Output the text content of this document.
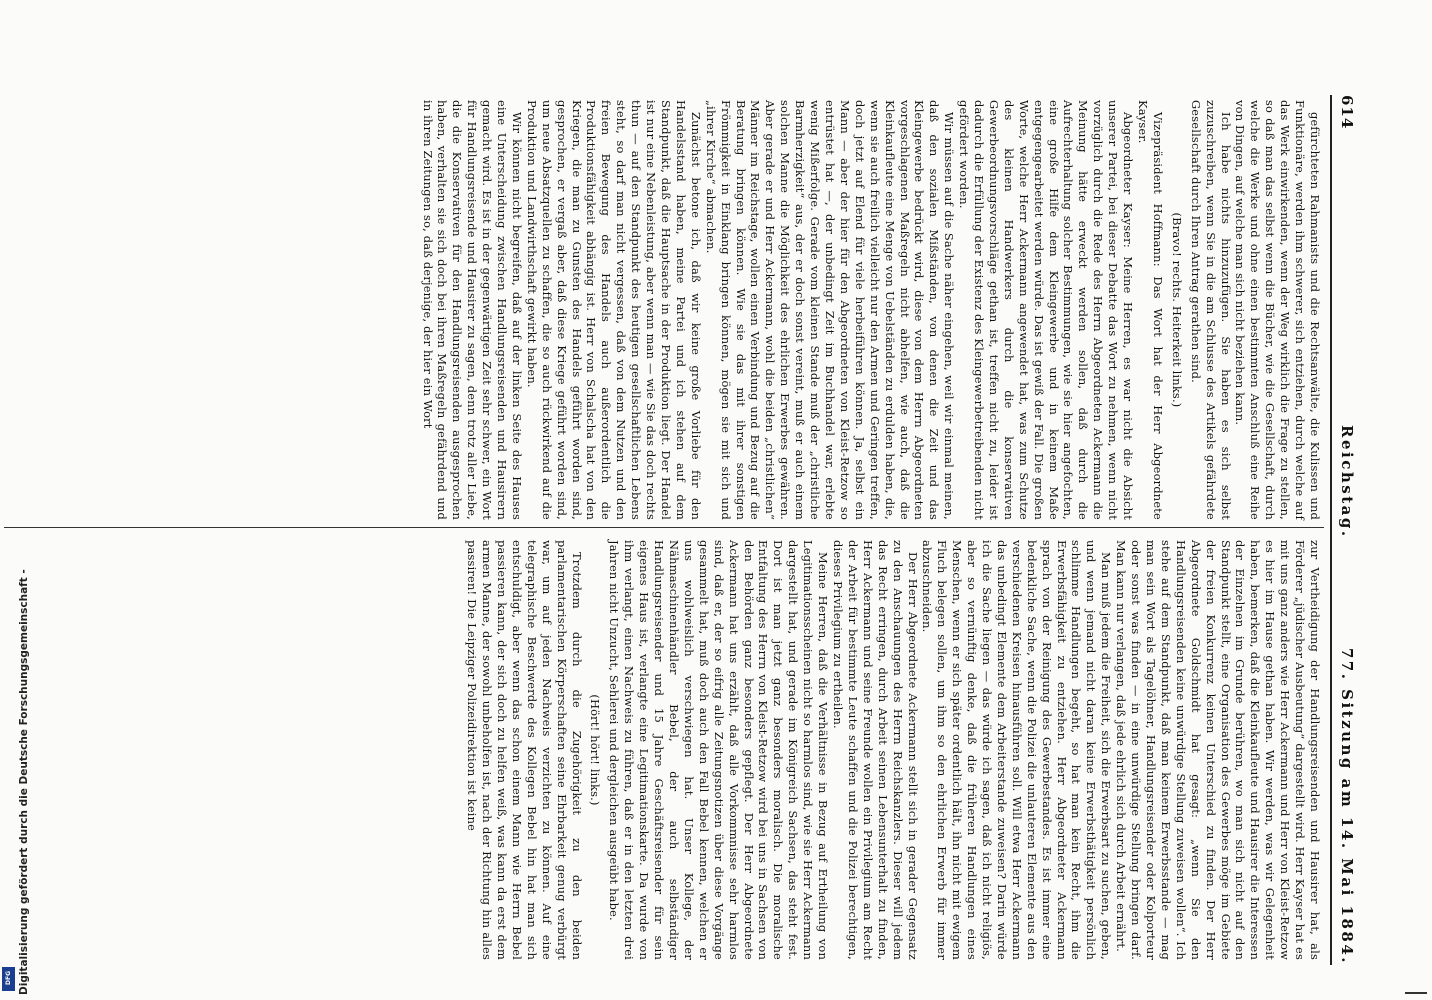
614
Reichstag.
77. Sitzung am 14. Mai 1884.

gefürchteten Rahmanists und die Rechtsanwälte, die Kulissen und Funktionäre, werden ihm schwerer, sich entziehen, durch welche auf das Werk einwirkenden, wenn der Weg wirklich die Frage zu stellen, so daß man das selbst wenn die Bücher, wie die Gesellschaft, durch welche die Werke und ohne einen bestimmten Anschluß eine Reihe von Dingen, auf welche man sich nicht beziehen kann.

Ich habe nichts hinzuzufügen. Sie haben es sich selbst zuzuschreiben, wenn Sie in die am Schlusse des Artikels gefährdete Gesellschaft durch Ihren Antrag gerathen sind.

(Bravo! rechts. Heiterkeit links.)

Vizepräsident Hoffmann: Das Wort hat der Herr Abgeordnete Kayser.

Abgeordneter Kayser: Meine Herren, es war nicht die Absicht unserer Partei, bei dieser Debatte das Wort zu nehmen, wenn nicht vorzüglich durch die Rede des Herrn Abgeordneten Ackermann die Meinung hätte erweckt werden sollen, daß durch die Aufrechterhaltung solcher Bestimmungen, wie sie hier angefochten, eine große Hilfe dem Kleingewerbe und in keinem Maße entgegengearbeitet werden würde. Das ist gewiß der Fall. Die großen Worte, welche Herr Ackermann angewendet hat, was zum Schutze des kleinen Handwerkers durch die konservativen Gewerbeordnungsvorschläge gethan ist, treffen nicht zu, leider ist dadurch die Erfüllung der Existenz des Kleingewerbetreibenden nicht gefördert worden.

Wir müssen auf die Sache näher eingehen, weil wir einmal meinen, daß den sozialen Mißständen, von denen die Zeit und das Kleingewerbe bedrückt wird, diese von dem Herrn Abgeordneten vorgeschlagenen Maßregeln nicht abhelfen, wie auch, daß die Kleinkaufleute eine Menge von Uebelständen zu erdulden haben, die, wenn sie auch freilich vielleicht nur den Armen und Geringen treffen, doch jetzt auf Elend für viele herbeiführen können. Ja, selbst ein Mann — aber der hier für den Abgeordneten von Kleist-Retzow so entrüstet hat —, der unbedingt Zeit im Buchhandel war, erlebte wenig Mißerfolge. Gerade vom kleinen Stande muß der „christliche Barmherzigkeit“ aus, der er doch sonst vereint, muß er auch einem solchen Manne die Möglichkeit des ehrlichen Erwerbes gewähren. Aber gerade er und Herr Ackermann, wohl die beiden „christlichen“ Männer im Reichstage, wollen einen Verbindung und Bezug auf die Beratung bringen können. Wie sie das mit ihrer sonstigen Frömmigkeit in Einklang bringen können, mögen sie mit sich und „ihrer Kirche“ abmachen.

Zunächst betone ich, daß wir keine große Vorliebe für den Handelsstand haben, meine Partei und ich stehen auf dem Standpunkt, daß die Hauptsache in der Produktion liegt. Der Handel ist nur eine Nebenleistung, aber wenn man — wie Sie das doch rechts thun — auf den Standpunkt des heutigen gesellschaftlichen Lebens steht, so darf man nicht vergessen, daß von dem Nutzen und den freien Bewegung des Handels auch außerordentlich die Produktionsfähigkeit abhängig ist. Herr von Schalscha hat von den Kriegen, die man zu Gunsten des Handels geführt worden sind, gesprochen, er vergaß aber, daß diese Kriege geführt worden sind, um neue Absatzquellen zu schaffen, die so auch rückwirkend auf die Produktion und Landwirthschaft gewirkt haben.

Wir können nicht begreifen, daß auf der linken Seite des Hauses eine Unterscheidung zwischen Handlungsreisenden und Hausirern gemacht wird. Es ist in der gegenwärtigen Zeit sehr schwer, ein Wort für Handlungsreisende und Hausirer zu sagen, denn trotz aller Liebe, die die Konservativen für den Handlungsreisenden ausgesprochen haben, verhalten sie sich doch bei ihren Maßregeln gefährdend und in ihren Zeitungen so, daß derjenige, der hier ein Wort

zur Vertheidigung der Handlungsreisenden und Hausirer hat, als Förderer „jüdischer Ausbeutung“ dargestellt wird. Herr Kayser hat es mit uns ganz anders wie Herr Ackermann und Herr von Kleist-Retzow es hier im Hause gethan haben. Wir werden, was wir Gelegenheit haben, bemerken, daß die Kleinkaufleute und Hausirer die Interessen der Einzelnen im Grunde berühren, wo man sich nicht auf den Standpunkt stellt, eine Organisation des Gewerbes möge im Gebiete der freien Konkurrenz keinen Unterschied zu finden. Der Herr Abgeordnete Goldschmidt hat gesagt: „wenn Sie den Handlungsreisenden keine unwürdige Stellung zuweisen wollen“. Ich stehe auf dem Standpunkt, daß man keinem Erwerbsstande — mag man sein Wort als Tagelöhner, Handlungsreisender oder Kolporteur oder sonst was finden — in eine unwürdige Stellung bringen darf. Man kann nur verlangen, daß jede ehrlich sich durch Arbeit ernährt.

Man muß jedem die Freiheit, sich die Erwerbsart zu suchen, geben, und wenn jemand nicht daran keine Erwerbsthätigkeit persönlich schlimme Handlungen begeht, so hat man kein Recht, ihm die Erwerbsfähigkeit zu entziehen. Herr Abgeordneter Ackermann sprach von der Reinigung des Gewerbestandes. Es ist immer eine bedenkliche Sache, wenn die Polizei die unlauteren Elemente aus den verschiedenen Kreisen hinausführen soll. Will etwa Herr Ackermann das unbedingt Elemente dem Arbeiterstande zuweisen? Darin würde ich die Sache liegen — das würde ich sagen, daß ich nicht religiös, aber so vernünftig denke, daß die früheren Handlungen eines Menschen, wenn er sich später ordentlich hält, ihn nicht mit ewigem Fluch belegen sollen, um ihm so den ehrlichen Erwerb für immer abzuschneiden.

Der Herr Abgeordnete Ackermann stellt sich in gerader Gegensatz zu den Anschauungen des Herrn Reichskanzlers. Dieser will jedem das Recht erringen, durch Arbeit seinen Lebensunterhalt zu finden, Herr Ackermann und seine Freunde wollen ein Privilegium am Recht der Arbeit für bestimmte Leute schaffen und die Polizei berechtigen, dieses Privilegium zu ertheilen.

Meine Herren, daß die Verhältnisse in Bezug auf Ertheilung von Legitimationsscheinen nicht so harmlos sind, wie sie Herr Ackermann dargestellt hat, und gerade im Königreich Sachsen, das steht fest. Dort ist man jetzt ganz besonders moralisch. Die moralische Entfaltung des Herrn von Kleist-Retzow wird bei uns in Sachsen von den Behörden ganz besonders gepflegt. Der Herr Abgeordnete Ackermann hat uns erzählt, daß alle Vorkommnisse sehr harmlos sind, daß er, der so eifrig alle Zeitungsnotizen über diese Vorgänge gesammelt hat, muß doch auch den Fall Bebel kennen, welchen er uns wohlweislich verschwiegen hat. Unser Kollege, der Nähmaschinenhändler Bebel, der auch selbständiger Handlungsreisender und 15 Jahre Geschäftsreisender für sein eigenes Haus ist, verlangte eine Legitimationskarte. Da wurde von ihm verlangt, einen Nachweis zu führen, daß er in den letzten drei Jahren nicht Unzucht, Sehlerei und dergleichen ausgeübt habe.

(Hört! hört! links.)

Trotzdem durch die Zugehörigkeit zu den beiden parlamentarischen Körperschaften seine Ehrbarkeit genug verbürgt war, um auf jeden Nachweis verzichten zu können. Auf eine telegraphische Beschwerde des Kollegen Bebel hin hat man sich entschuldigt, aber wenn das schon einem Mann wie Herrn Bebel passieren kann, der sich doch zu helfen weiß, was kann da erst dem armen Manne, der sowohl unbeholfen ist, nach der Richtung hin alles passiren! Die Leipziger Polizeidirektion ist keine

Digitalisierung gefördert durch die Deutsche Forschungsgemeinschaft -
DFG
